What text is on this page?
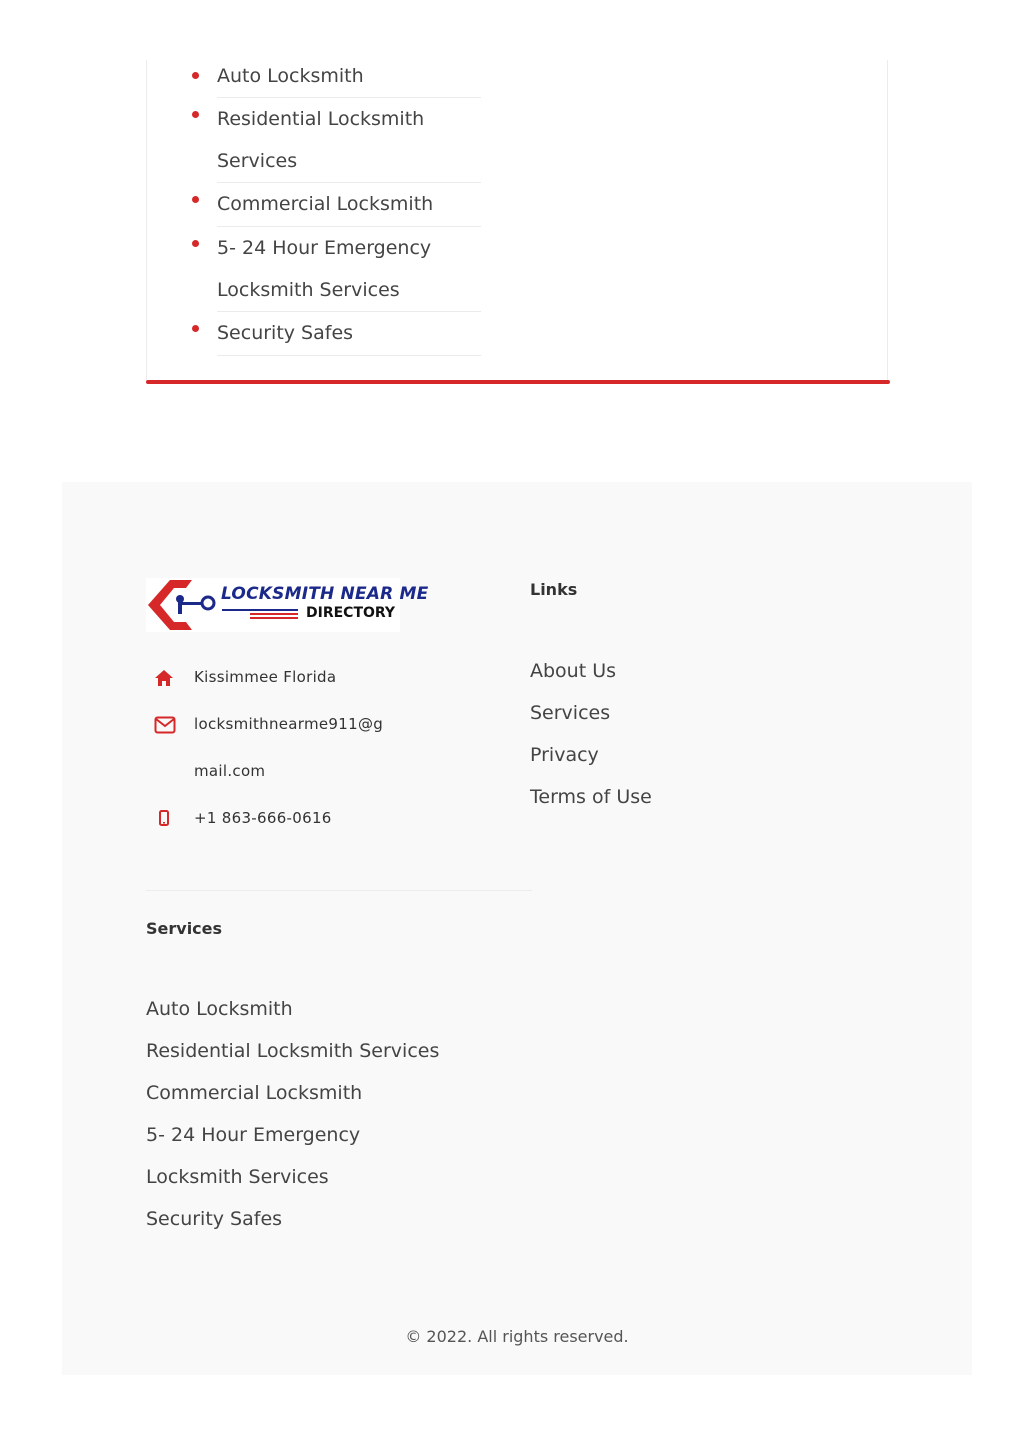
Auto Locksmith
Residential Locksmith Services
Commercial Locksmith
5- 24 Hour Emergency Locksmith Services
Security Safes
LOCKSMITH NEAR ME
DIRECTORY
Kissimmee Florida
locksmithnearme911@gmail.com
+1 863-666-0616
Links
About Us
Services
Privacy
Terms of Use
Services
Auto Locksmith
Residential Locksmith Services
Commercial Locksmith
5- 24 Hour Emergency Locksmith Services
Security Safes
© 2022. All rights reserved.
